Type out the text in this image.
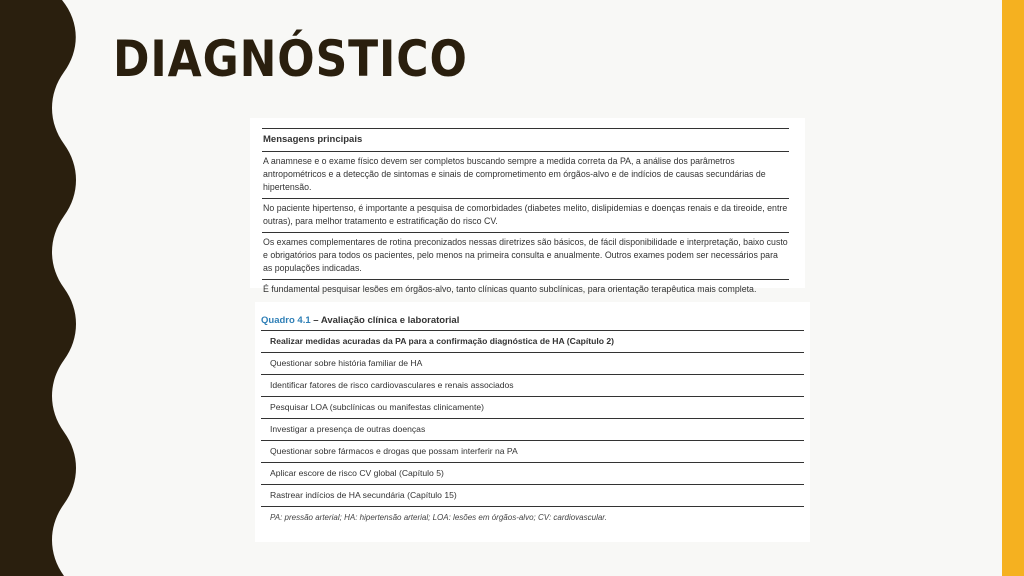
DIAGNÓSTICO
Mensagens principais
A anamnese e o exame físico devem ser completos buscando sempre a medida correta da PA, a análise dos parâmetros antropométricos e a detecção de sintomas e sinais de comprometimento em órgãos-alvo e de indícios de causas secundárias de hipertensão.
No paciente hipertenso, é importante a pesquisa de comorbidades (diabetes melito, dislipidemias e doenças renais e da tireoide, entre outras), para melhor tratamento e estratificação do risco CV.
Os exames complementares de rotina preconizados nessas diretrizes são básicos, de fácil disponibilidade e interpretação, baixo custo e obrigatórios para todos os pacientes, pelo menos na primeira consulta e anualmente. Outros exames podem ser necessários para as populações indicadas.
É fundamental pesquisar lesões em órgãos-alvo, tanto clínicas quanto subclínicas, para orientação terapêutica mais completa.
Quadro 4.1 – Avaliação clínica e laboratorial
Realizar medidas acuradas da PA para a confirmação diagnóstica de HA (Capítulo 2)
Questionar sobre história familiar de HA
Identificar fatores de risco cardiovasculares e renais associados
Pesquisar LOA (subclínicas ou manifestas clinicamente)
Investigar a presença de outras doenças
Questionar sobre fármacos e drogas que possam interferir na PA
Aplicar escore de risco CV global (Capítulo 5)
Rastrear indícios de HA secundária (Capítulo 15)
PA: pressão arterial; HA: hipertensão arterial; LOA: lesões em órgãos-alvo; CV: cardiovascular.
